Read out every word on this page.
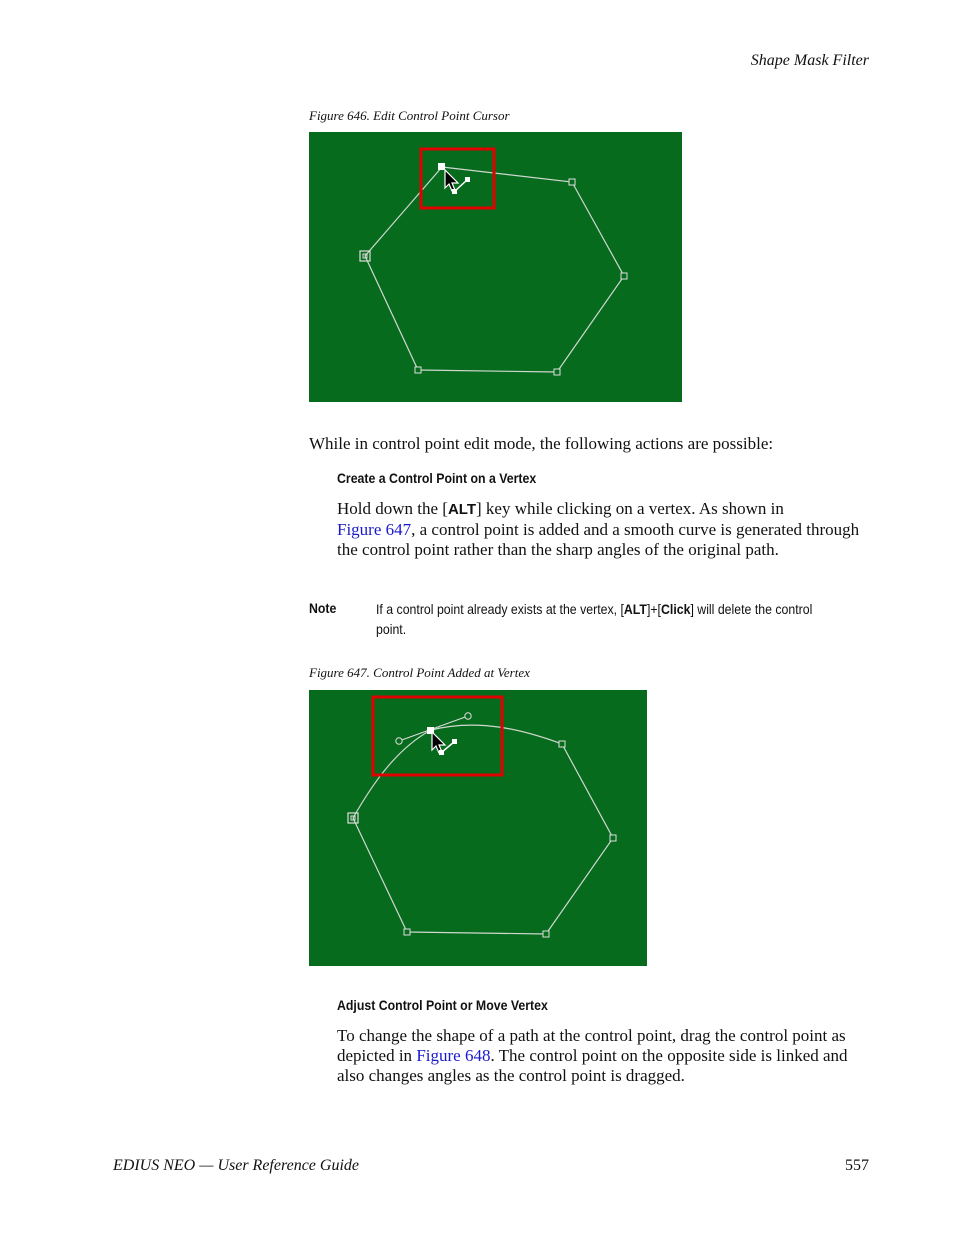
Shape Mask Filter
Figure 646. Edit Control Point Cursor
While in control point edit mode, the following actions are possible:
Create a Control Point on a Vertex
Hold down the [ALT] key while clicking on a vertex. As shown in
Figure 647, a control point is added and a smooth curve is generated through the control point rather than the sharp angles of the original path.
Note	If a control point already exists at the vertex, [ALT]+[Click] will delete the control point.
Figure 647. Control Point Added at Vertex
Adjust Control Point or Move Vertex
To change the shape of a path at the control point, drag the control point as depicted in Figure 648. The control point on the opposite side is linked and also changes angles as the control point is dragged.
EDIUS NEO — User Reference Guide	557
